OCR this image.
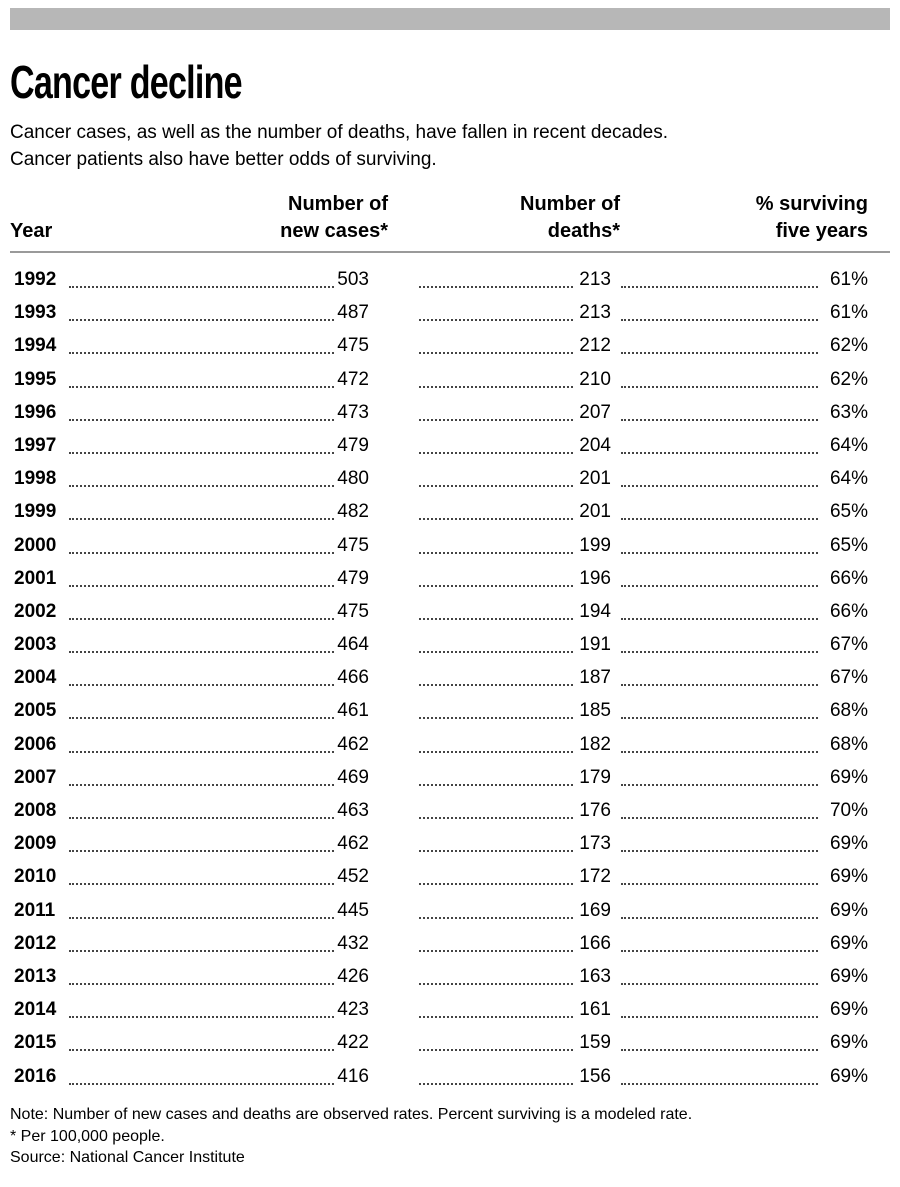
Cancer decline
Cancer cases, as well as the number of deaths, have fallen in recent decades.
Cancer patients also have better odds of surviving.
Year
Number of
new cases*
Number of
deaths*
% surviving
five years
1992	503	213	61%
1993	487	213	61%
1994	475	212	62%
1995	472	210	62%
1996	473	207	63%
1997	479	204	64%
1998	480	201	64%
1999	482	201	65%
2000	475	199	65%
2001	479	196	66%
2002	475	194	66%
2003	464	191	67%
2004	466	187	67%
2005	461	185	68%
2006	462	182	68%
2007	469	179	69%
2008	463	176	70%
2009	462	173	69%
2010	452	172	69%
2011	445	169	69%
2012	432	166	69%
2013	426	163	69%
2014	423	161	69%
2015	422	159	69%
2016	416	156	69%
Note: Number of new cases and deaths are observed rates. Percent surviving is a modeled rate.
* Per 100,000 people.
Source: National Cancer Institute
